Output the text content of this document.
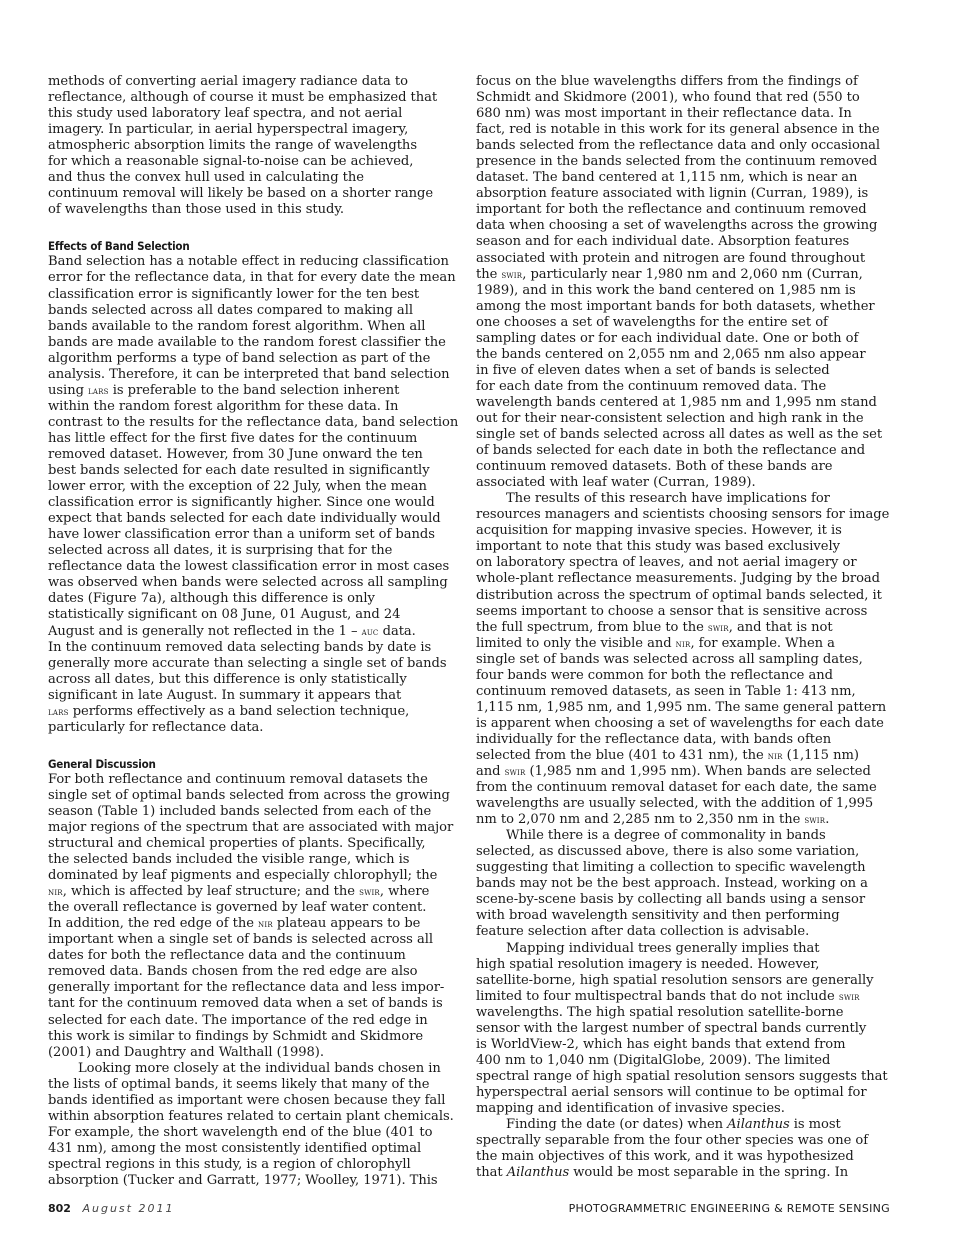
methods of converting aerial imagery radiance data to

reflectance, although of course it must be emphasized that

this study used laboratory leaf spectra, and not aerial

imagery. In particular, in aerial hyperspectral imagery,

atmospheric absorption limits the range of wavelengths

for which a reasonable signal-to-noise can be achieved,

and thus the convex hull used in calculating the

continuum removal will likely be based on a shorter range

of wavelengths than those used in this study.

Effects of Band Selection

Band selection has a notable effect in reducing classification

error for the reflectance data, in that for every date the mean

classification error is significantly lower for the ten best

bands selected across all dates compared to making all

bands available to the random forest algorithm. When all

bands are made available to the random forest classifier the

algorithm performs a type of band selection as part of the

analysis. Therefore, it can be interpreted that band selection

using lars is preferable to the band selection inherent

within the random forest algorithm for these data. In

contrast to the results for the reflectance data, band selection

has little effect for the first five dates for the continuum

removed dataset. However, from 30 June onward the ten

best bands selected for each date resulted in significantly

lower error, with the exception of 22 July, when the mean

classification error is significantly higher. Since one would

expect that bands selected for each date individually would

have lower classification error than a uniform set of bands

selected across all dates, it is surprising that for the

reflectance data the lowest classification error in most cases

was observed when bands were selected across all sampling

dates (Figure 7a), although this difference is only

statistically significant on 08 June, 01 August, and 24

August and is generally not reflected in the 1 – auc data.

In the continuum removed data selecting bands by date is

generally more accurate than selecting a single set of bands

across all dates, but this difference is only statistically

significant in late August. In summary it appears that

lars performs effectively as a band selection technique,

particularly for reflectance data.

General Discussion

For both reflectance and continuum removal datasets the

single set of optimal bands selected from across the growing

season (Table 1) included bands selected from each of the

major regions of the spectrum that are associated with major

structural and chemical properties of plants. Specifically,

the selected bands included the visible range, which is

dominated by leaf pigments and especially chlorophyll; the

nir, which is affected by leaf structure; and the swir, where

the overall reflectance is governed by leaf water content.

In addition, the red edge of the nir plateau appears to be

important when a single set of bands is selected across all

dates for both the reflectance data and the continuum

removed data. Bands chosen from the red edge are also

generally important for the reflectance data and less impor-

tant for the continuum removed data when a set of bands is

selected for each date. The importance of the red edge in

this work is similar to findings by Schmidt and Skidmore

(2001) and Daughtry and Walthall (1998).

Looking more closely at the individual bands chosen in

the lists of optimal bands, it seems likely that many of the

bands identified as important were chosen because they fall

within absorption features related to certain plant chemicals.

For example, the short wavelength end of the blue (401 to

431 nm), among the most consistently identified optimal

spectral regions in this study, is a region of chlorophyll

absorption (Tucker and Garratt, 1977; Woolley, 1971). This

focus on the blue wavelengths differs from the findings of

Schmidt and Skidmore (2001), who found that red (550 to

680 nm) was most important in their reflectance data. In

fact, red is notable in this work for its general absence in the

bands selected from the reflectance data and only occasional

presence in the bands selected from the continuum removed

dataset. The band centered at 1,115 nm, which is near an

absorption feature associated with lignin (Curran, 1989), is

important for both the reflectance and continuum removed

data when choosing a set of wavelengths across the growing

season and for each individual date. Absorption features

associated with protein and nitrogen are found throughout

the swir, particularly near 1,980 nm and 2,060 nm (Curran,

1989), and in this work the band centered on 1,985 nm is

among the most important bands for both datasets, whether

one chooses a set of wavelengths for the entire set of

sampling dates or for each individual date. One or both of

the bands centered on 2,055 nm and 2,065 nm also appear

in five of eleven dates when a set of bands is selected

for each date from the continuum removed data. The

wavelength bands centered at 1,985 nm and 1,995 nm stand

out for their near-consistent selection and high rank in the

single set of bands selected across all dates as well as the set

of bands selected for each date in both the reflectance and

continuum removed datasets. Both of these bands are

associated with leaf water (Curran, 1989).

The results of this research have implications for

resources managers and scientists choosing sensors for image

acquisition for mapping invasive species. However, it is

important to note that this study was based exclusively

on laboratory spectra of leaves, and not aerial imagery or

whole-plant reflectance measurements. Judging by the broad

distribution across the spectrum of optimal bands selected, it

seems important to choose a sensor that is sensitive across

the full spectrum, from blue to the swir, and that is not

limited to only the visible and nir, for example. When a

single set of bands was selected across all sampling dates,

four bands were common for both the reflectance and

continuum removed datasets, as seen in Table 1: 413 nm,

1,115 nm, 1,985 nm, and 1,995 nm. The same general pattern

is apparent when choosing a set of wavelengths for each date

individually for the reflectance data, with bands often

selected from the blue (401 to 431 nm), the nir (1,115 nm)

and swir (1,985 nm and 1,995 nm). When bands are selected

from the continuum removal dataset for each date, the same

wavelengths are usually selected, with the addition of 1,995

nm to 2,070 nm and 2,285 nm to 2,350 nm in the swir.

While there is a degree of commonality in bands

selected, as discussed above, there is also some variation,

suggesting that limiting a collection to specific wavelength

bands may not be the best approach. Instead, working on a

scene-by-scene basis by collecting all bands using a sensor

with broad wavelength sensitivity and then performing

feature selection after data collection is advisable.

Mapping individual trees generally implies that

high spatial resolution imagery is needed. However,

satellite-borne, high spatial resolution sensors are generally

limited to four multispectral bands that do not include swir

wavelengths. The high spatial resolution satellite-borne

sensor with the largest number of spectral bands currently

is WorldView-2, which has eight bands that extend from

400 nm to 1,040 nm (DigitalGlobe, 2009). The limited

spectral range of high spatial resolution sensors suggests that

hyperspectral aerial sensors will continue to be optimal for

mapping and identification of invasive species.

Finding the date (or dates) when Ailanthus is most

spectrally separable from the four other species was one of

the main objectives of this work, and it was hypothesized

that Ailanthus would be most separable in the spring. In

802 August 2011	PHOTOGRAMMETRIC ENGINEERING & REMOTE SENSING
